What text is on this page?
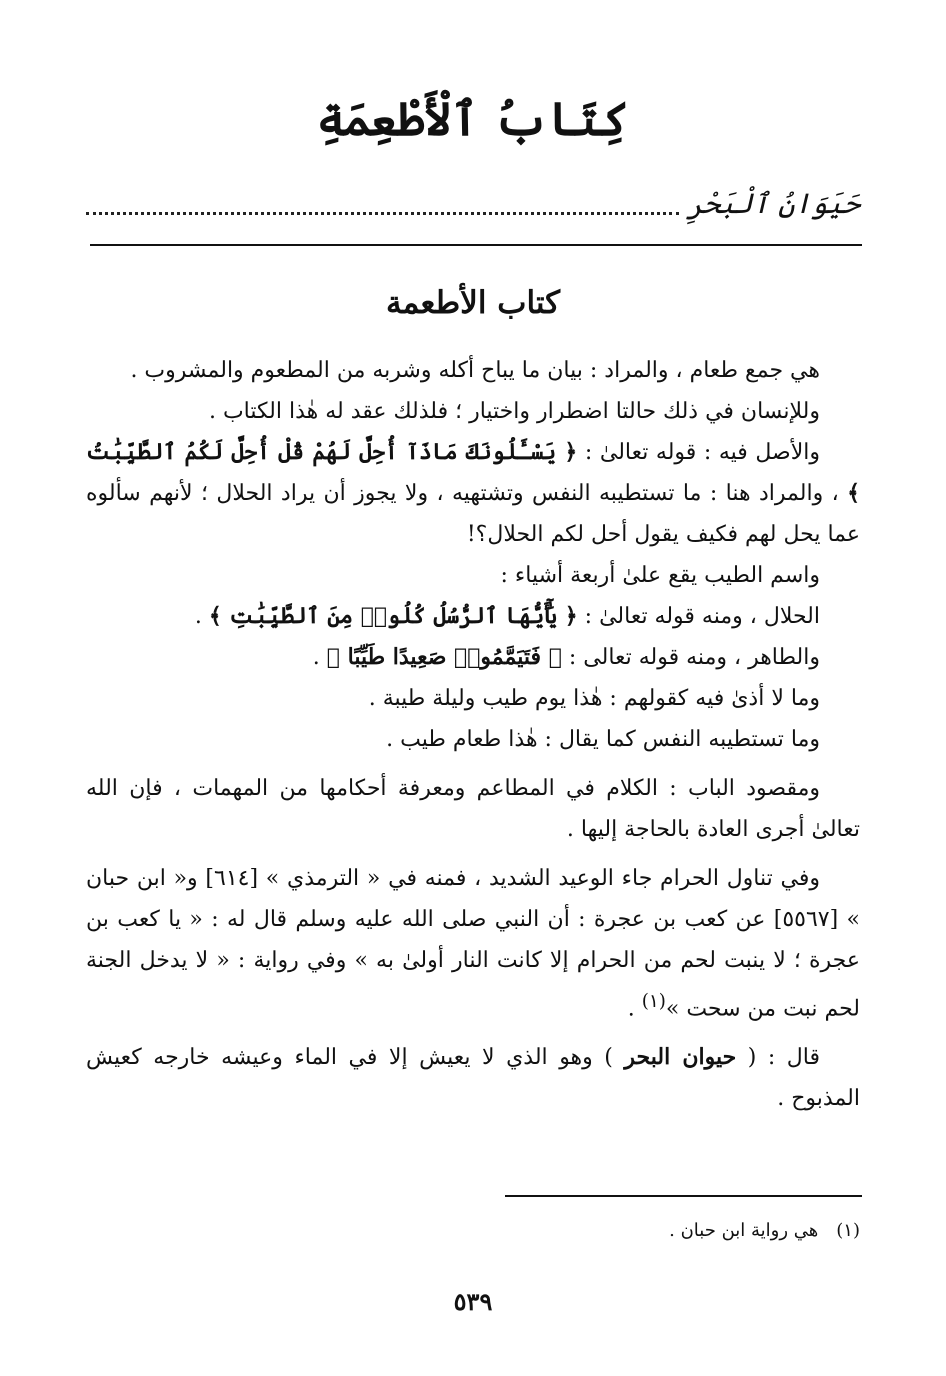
كِتَابُ ٱلْأَطْعِمَةِ
حَيَوَانُ ٱلْبَحْرِ
كتاب الأطعمة

هي جمع طعام ، والمراد : بيان ما يباح أكله وشربه من المطعوم والمشروب .

وللإنسان في ذلك حالتا اضطرار واختيار ؛ فلذلك عقد له هٰذا الكتاب .

والأصل فيه : قوله تعالىٰ : ﴿ يَسْـَٔلُونَكَ مَاذَآ أُحِلَّ لَهُمْ قُلْ أُحِلَّ لَكُمُ ٱلطَّيِّبَٰتُ ﴾ ، والمراد هنا : ما تستطيبه النفس وتشتهيه ، ولا يجوز أن يراد الحلال ؛ لأنهم سألوه عما يحل لهم فكيف يقول أحل لكم الحلال؟!

واسم الطيب يقع علىٰ أربعة أشياء :

الحلال ، ومنه قوله تعالىٰ : ﴿ يَٰٓأَيُّهَا ٱلرُّسُلُ كُلُوا۟ مِنَ ٱلطَّيِّبَٰتِ ﴾ .

والطاهر ، ومنه قوله تعالى : ﴿ فَتَيَمَّمُوا۟ صَعِيدًا طَيِّبًا ﴾ .

وما لا أذىٰ فيه كقولهم : هٰذا يوم طيب وليلة طيبة .

وما تستطيبه النفس كما يقال : هٰذا طعام طيب .

ومقصود الباب : الكلام في المطاعم ومعرفة أحكامها من المهمات ، فإن الله تعالىٰ أجرى العادة بالحاجة إليها .

وفي تناول الحرام جاء الوعيد الشديد ، فمنه في « الترمذي » [٦١٤] و« ابن حبان » [٥٥٦٧] عن كعب بن عجرة : أن النبي صلى الله عليه وسلم قال له : « يا كعب بن عجرة ؛ لا ينبت لحم من الحرام إلا كانت النار أولىٰ به » وفي رواية : « لا يدخل الجنة لحم نبت من سحت »$^{(١)}$ .

قال : ( حيوان البحر ) وهو الذي لا يعيش إلا في الماء وعيشه خارجه كعيش المذبوح .

(١)هي رواية ابن حبان .
٥٣٩
